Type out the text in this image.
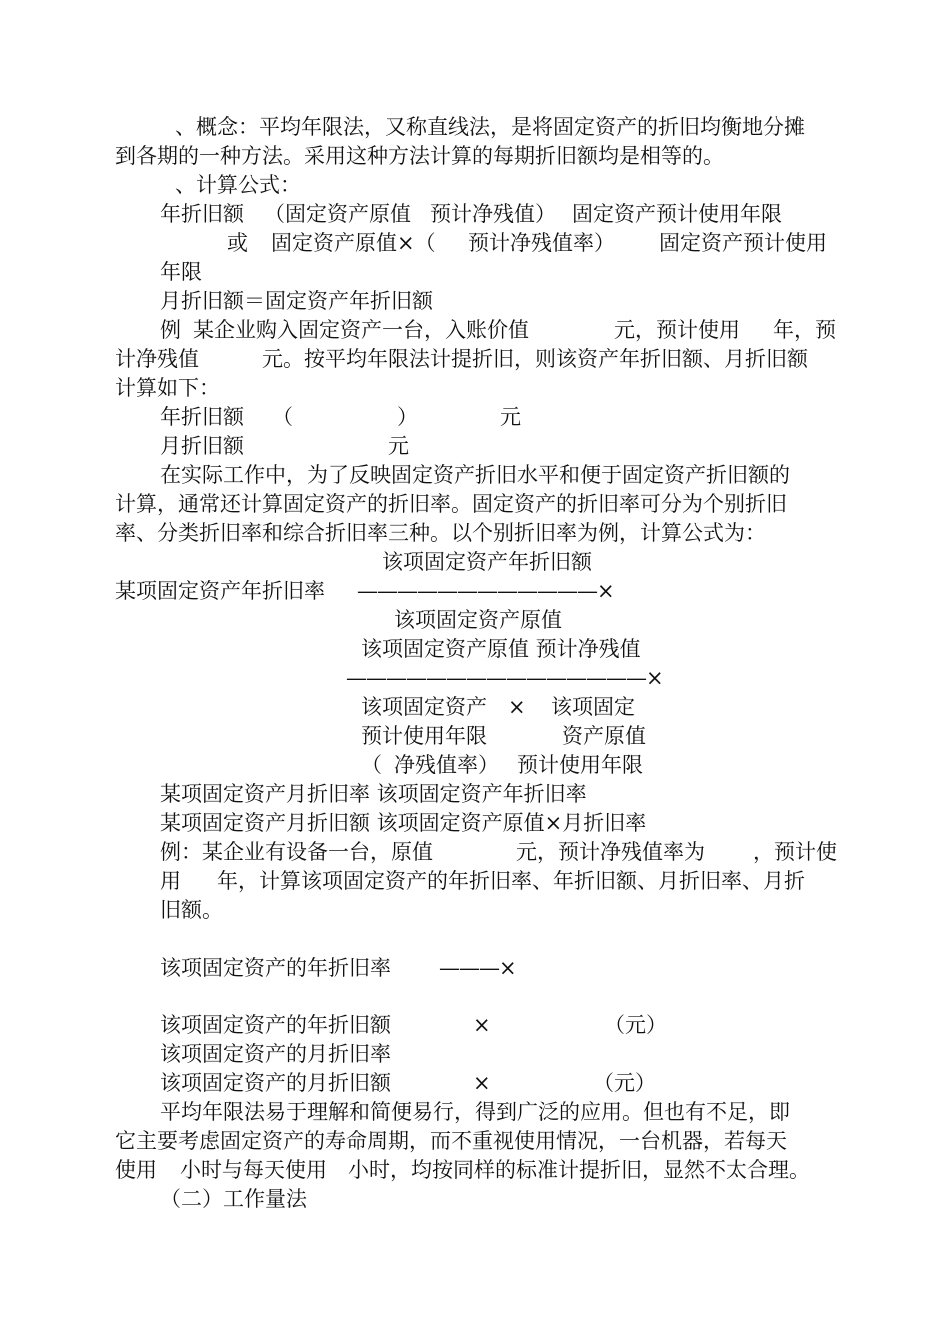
、概念：平均年限法，又称直线法，是将固定资产的折旧均衡地分摊
到各期的一种方法。采用这种方法计算的每期折旧额均是相等的。
、计算公式：
年折旧额 （固定资产原值 预计净残值） 固定资产预计使用年限
或 固定资产原值×（ 预计净残值率） 固定资产预计使用
年限
月折旧额＝固定资产年折旧额
例 某企业购入固定资产一台，入账价值	元，预计使用 年，预
计净残值	元。按平均年限法计提折旧，则该资产年折旧额、月折旧额
计算如下：
年折旧额 （	）	元
月折旧额	元
在实际工作中，为了反映固定资产折旧水平和便于固定资产折旧额的
计算，通常还计算固定资产的折旧率。固定资产的折旧率可分为个别折旧
率、分类折旧率和综合折旧率三种。以个别折旧率为例，计算公式为：
该项固定资产年折旧额
某项固定资产年折旧率 ————————————×
该项固定资产原值
该项固定资产原值 预计净残值
———————————————×
该项固定资产 × 该项固定
预计使用年限	资产原值
（ 净残值率） 预计使用年限
某项固定资产月折旧率 该项固定资产年折旧率
某项固定资产月折旧额 该项固定资产原值×月折旧率
例：某企业有设备一台，原值	元，预计净残值率为 ，预计使
用 年，计算该项固定资产的年折旧率、年折旧额、月折旧率、月折
旧额。
该项固定资产的年折旧率 ———×
该项固定资产的年折旧额	×	（元）
该项固定资产的月折旧率
该项固定资产的月折旧额	×	（元）
平均年限法易于理解和简便易行，得到广泛的应用。但也有不足，即
它主要考虑固定资产的寿命周期，而不重视使用情况，一台机器，若每天
使用 小时与每天使用 小时，均按同样的标准计提折旧，显然不太合理。
（二）工作量法
